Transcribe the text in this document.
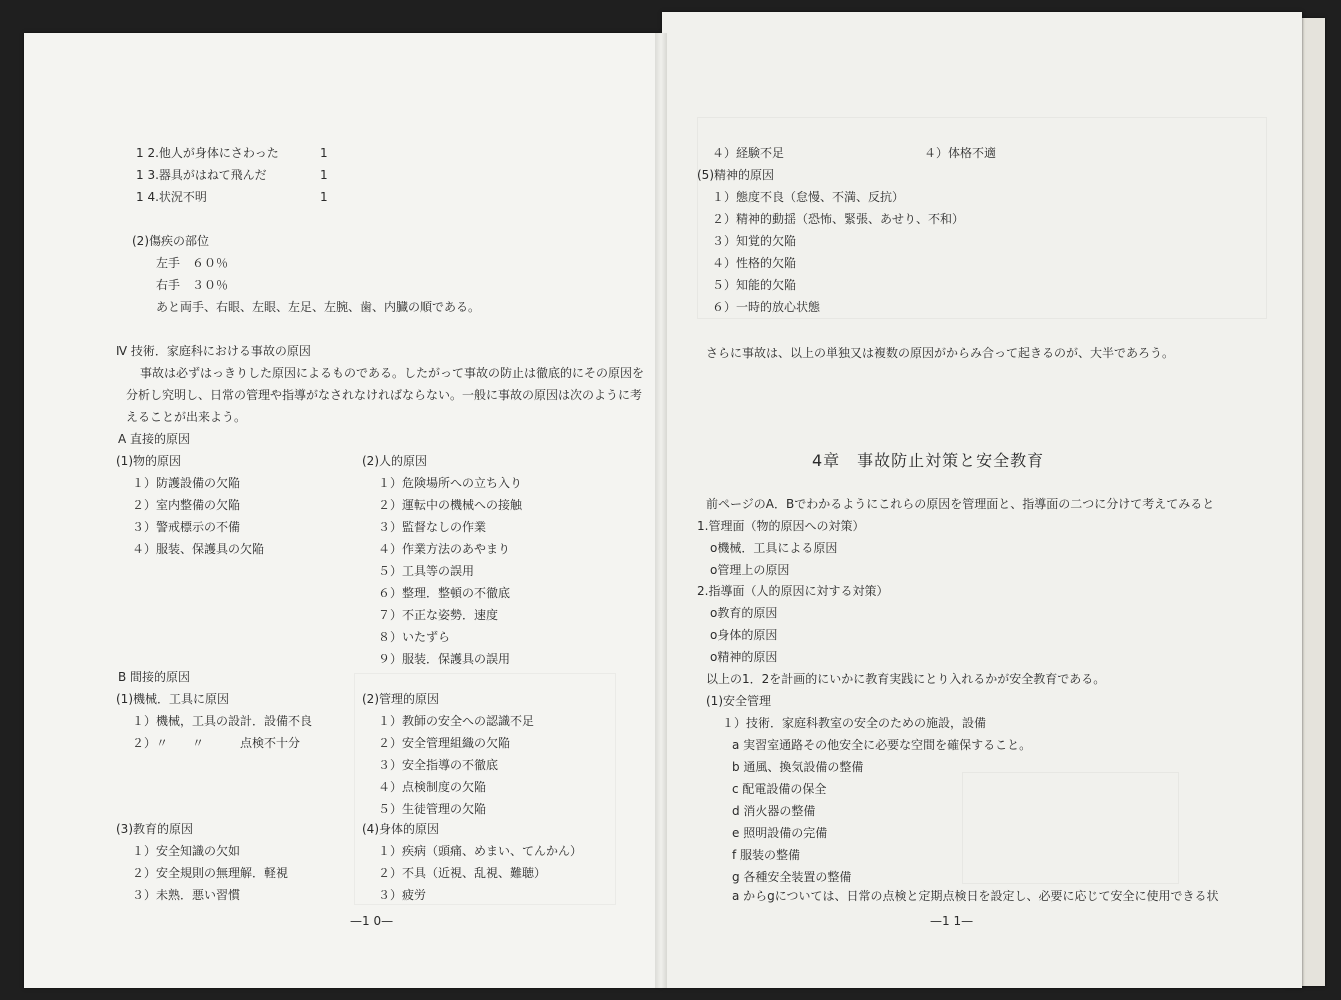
1 2.他人が身体にさわった	1
1 3.器具がはねて飛んだ	1
1 4.状況不明	1
(2)傷疾の部位
左手　６０％
右手　３０％
あと両手、右眼、左眼、左足、左腕、歯、内臓の順である。
Ⅳ 技術．家庭科における事故の原因
事故は必ずはっきりした原因によるものである。したがって事故の防止は徹底的にその原因を
分析し究明し、日常の管理や指導がなされなければならない。一般に事故の原因は次のように考
えることが出来よう。
A 直接的原因
(1)物的原因
１）防護設備の欠陥
２）室内整備の欠陥
３）警戒標示の不備
４）服装、保護具の欠陥
(2)人的原因
１）危険場所への立ち入り
２）運転中の機械への接触
３）監督なしの作業
４）作業方法のあやまり
５）工具等の誤用
６）整理．整頓の不徹底
７）不正な姿勢．速度
８）いたずら
９）服装．保護具の誤用
B 間接的原因
(1)機械．工具に原因
１）機械，工具の設計．設備不良
２）〃　　〃　　　点検不十分
(2)管理的原因
１）教師の安全への認識不足
２）安全管理組織の欠陥
３）安全指導の不徹底
４）点検制度の欠陥
５）生徒管理の欠陥
(3)教育的原因
１）安全知識の欠如
２）安全規則の無理解．軽視
３）未熟．悪い習慣
(4)身体的原因
１）疾病（頭痛、めまい、てんかん）
２）不具（近視、乱視、難聴）
３）疲労
—1 0—
４）経験不足	４）体格不適
(5)精神的原因
１）態度不良（怠慢、不満、反抗）
２）精神的動揺（恐怖、緊張、あせり、不和）
３）知覚的欠陥
４）性格的欠陥
５）知能的欠陥
６）一時的放心状態
さらに事故は、以上の単独又は複数の原因がからみ合って起きるのが、大半であろう。
4章　事故防止対策と安全教育
前ページのA．Bでわかるようにこれらの原因を管理面と、指導面の二つに分けて考えてみると
1.管理面（物的原因への対策）
o機械．工具による原因
o管理上の原因
2.指導面（人的原因に対する対策）
o教育的原因
o身体的原因
o精神的原因
以上の1．2を計画的にいかに教育実践にとり入れるかが安全教育である。
(1)安全管理
１）技術．家庭科教室の安全のための施設，設備
a 実習室通路その他安全に必要な空間を確保すること。
b 通風、換気設備の整備
c 配電設備の保全
d 消火器の整備
e 照明設備の完備
f 服装の整備
g 各種安全装置の整備
a からgについては、日常の点検と定期点検日を設定し、必要に応じて安全に使用できる状
—1 1—
